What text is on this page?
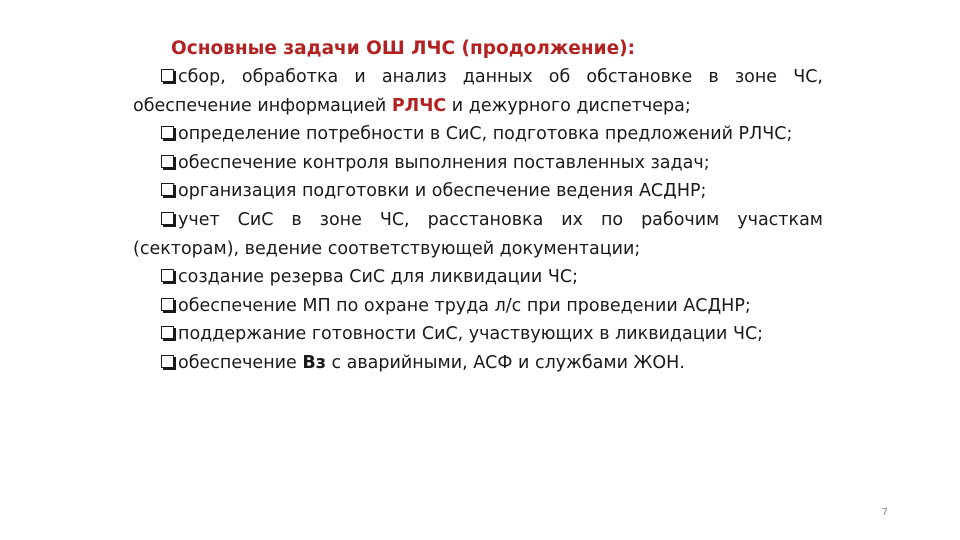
Основные задачи ОШ ЛЧС (продолжение):

сбор, обработка и анализ данных об обстановке в зоне ЧС, обеспечение информацией РЛЧС и дежурного диспетчера;

определение потребности в СиС, подготовка предложений РЛЧС;

обеспечение контроля выполнения поставленных задач;

организация подготовки и обеспечение ведения АСДНР;

учет СиС в зоне ЧС, расстановка их по рабочим участкам (секторам), ведение соответствующей документации;

создание резерва СиС для ликвидации ЧС;

обеспечение МП по охране труда л/с при проведении АСДНР;

поддержание готовности СиС, участвующих в ликвидации ЧС;

обеспечение Вз с аварийными, АСФ и службами ЖОН.

7
